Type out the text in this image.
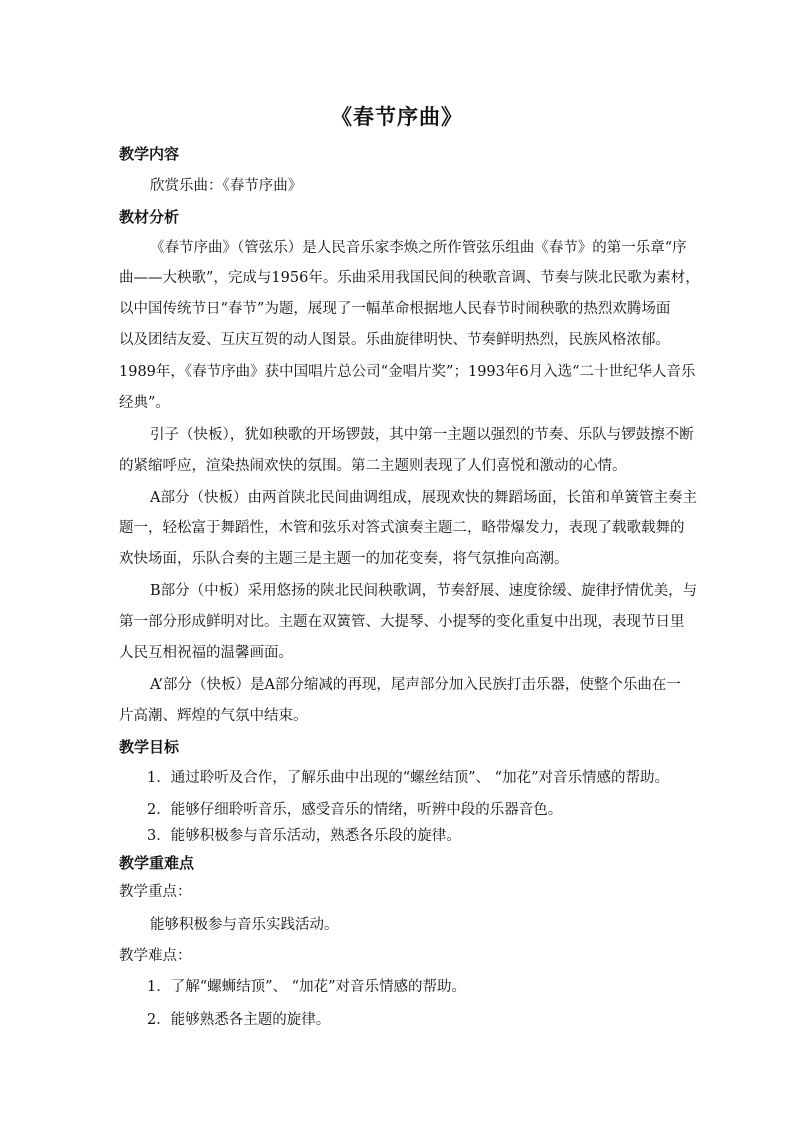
《春节序曲》
教学内容
欣赏乐曲：《春节序曲》
教材分析
《春节序曲》（管弦乐）是人民音乐家李焕之所作管弦乐组曲《春节》的第一乐章“序
曲——大秧歌”，完成与1956年。乐曲采用我国民间的秧歌音调、节奏与陕北民歌为素材，
以中国传统节日“春节”为题，展现了一幅革命根据地人民春节时闹秧歌的热烈欢腾场面
以及团结友爱、互庆互贺的动人图景。乐曲旋律明快、节奏鲜明热烈，民族风格浓郁。
1989年，《春节序曲》获中国唱片总公司“金唱片奖”；1993年6月入选“二十世纪华人音乐
经典”。
引子（快板），犹如秧歌的开场锣鼓，其中第一主题以强烈的节奏、乐队与锣鼓擦不断
的紧缩呼应，渲染热闹欢快的氛围。第二主题则表现了人们喜悦和激动的心情。
A部分（快板）由两首陕北民间曲调组成，展现欢快的舞蹈场面，长笛和单簧管主奏主
题一，轻松富于舞蹈性，木管和弦乐对答式演奏主题二，略带爆发力，表现了载歌载舞的
欢快场面，乐队合奏的主题三是主题一的加花变奏，将气氛推向高潮。
B部分（中板）采用悠扬的陕北民间秧歌调，节奏舒展、速度徐缓、旋律抒情优美，与
第一部分形成鲜明对比。主题在双簧管、大提琴、小提琴的变化重复中出现，表现节日里
人民互相祝福的温馨画面。
A’部分（快板）是A部分缩减的再现，尾声部分加入民族打击乐器，使整个乐曲在一
片高潮、辉煌的气氛中结束。
教学目标
1．通过聆听及合作，了解乐曲中出现的“螺丝结顶”、 “加花”对音乐情感的帮助。
2．能够仔细聆听音乐，感受音乐的情绪，听辨中段的乐器音色。
3．能够积极参与音乐活动，熟悉各乐段的旋律。
教学重难点
教学重点：
能够积极参与音乐实践活动。
教学难点：
1．了解“螺蛳结顶”、 “加花”对音乐情感的帮助。
2．能够熟悉各主题的旋律。
